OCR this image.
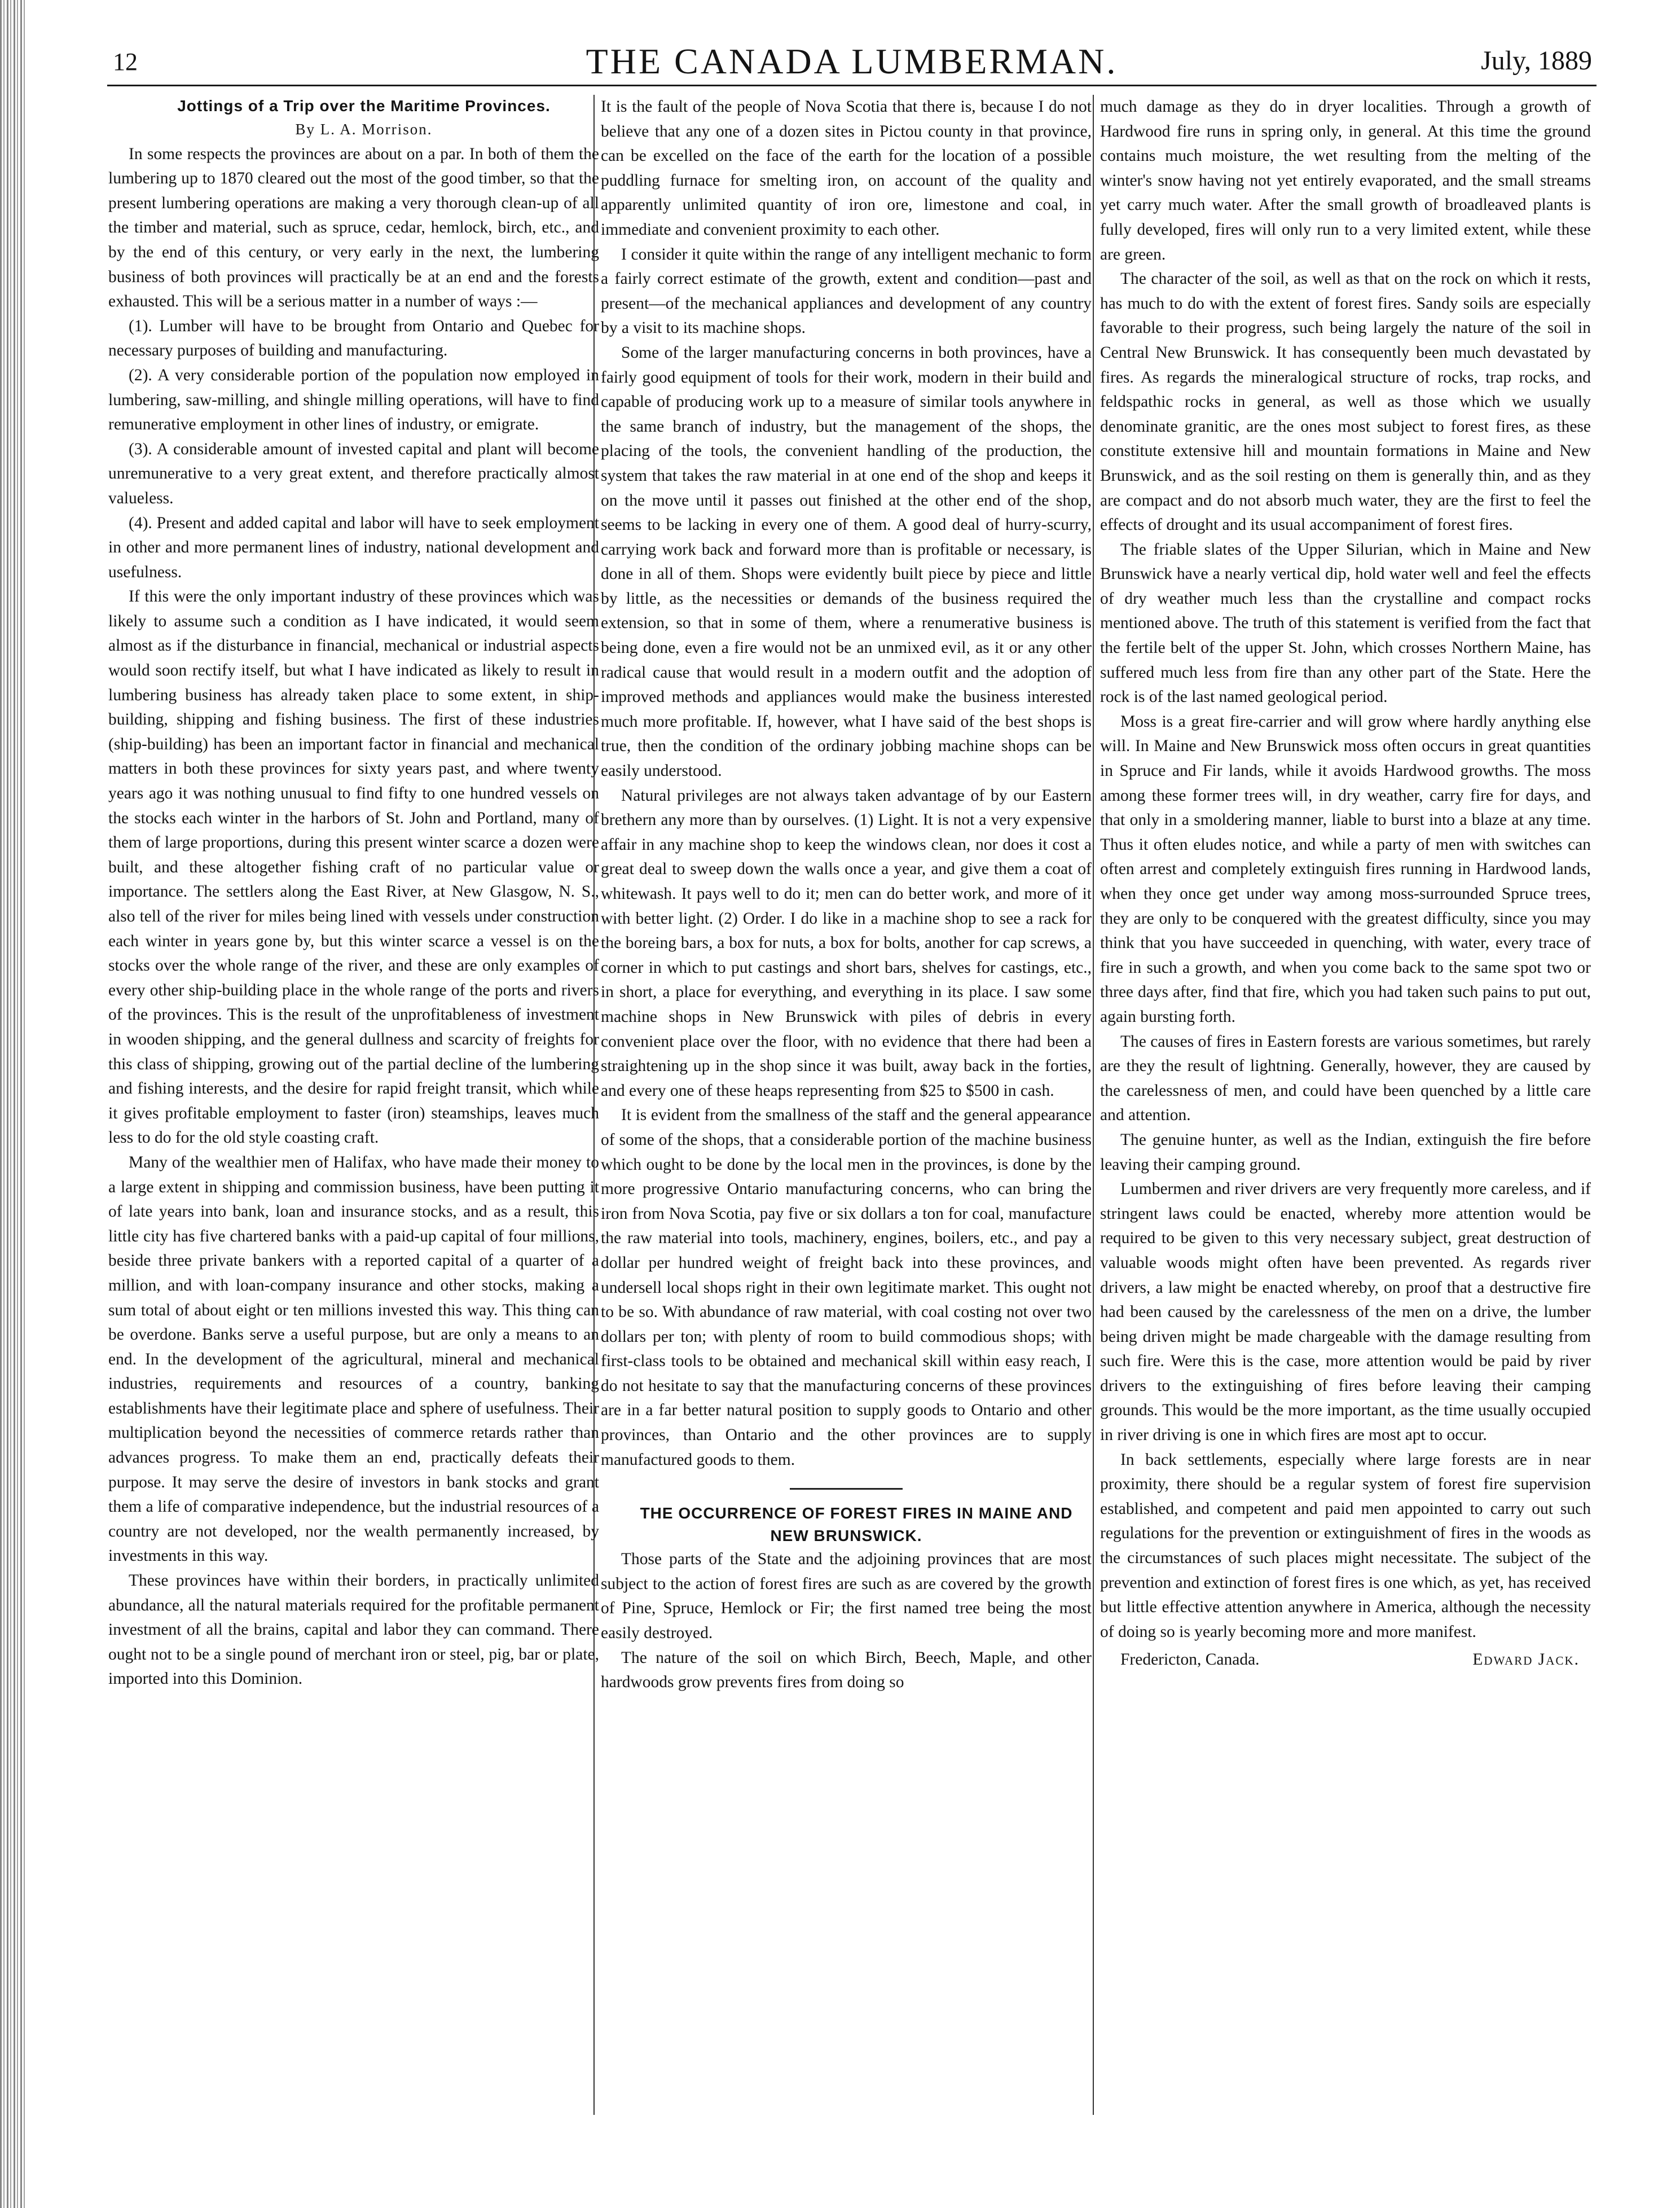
12	THE CANADA LUMBERMAN.	July, 1889

Jottings of a Trip over the Maritime Provinces.

By L. A. Morrison.

In some respects the provinces are about on a par. In both of them the lumbering up to 1870 cleared out the most of the good timber, so that the present lumbering operations are making a very thorough clean-up of all the timber and material, such as spruce, cedar, hemlock, birch, etc., and by the end of this century, or very early in the next, the lumbering business of both provinces will practically be at an end and the forests exhausted. This will be a serious matter in a number of ways :—

(1). Lumber will have to be brought from Ontario and Quebec for necessary purposes of building and manufacturing.

(2). A very considerable portion of the population now employed in lumbering, saw-milling, and shingle milling operations, will have to find remunerative employment in other lines of industry, or emigrate.

(3). A considerable amount of invested capital and plant will become unremunerative to a very great extent, and therefore practically almost valueless.

(4). Present and added capital and labor will have to seek employment in other and more permanent lines of industry, national development and usefulness.

If this were the only important industry of these provinces which was likely to assume such a condition as I have indicated, it would seem almost as if the disturbance in financial, mechanical or industrial aspects would soon rectify itself, but what I have indicated as likely to result in lumbering business has already taken place to some extent, in ship-building, shipping and fishing business. The first of these industries (ship-building) has been an important factor in financial and mechanical matters in both these provinces for sixty years past, and where twenty years ago it was nothing unusual to find fifty to one hundred vessels on the stocks each winter in the harbors of St. John and Portland, many of them of large proportions, during this present winter scarce a dozen were built, and these altogether fishing craft of no particular value or importance. The settlers along the East River, at New Glasgow, N. S., also tell of the river for miles being lined with vessels under construction each winter in years gone by, but this winter scarce a vessel is on the stocks over the whole range of the river, and these are only examples of every other ship-building place in the whole range of the ports and rivers of the provinces. This is the result of the unprofitableness of investment in wooden shipping, and the general dullness and scarcity of freights for this class of shipping, growing out of the partial decline of the lumbering and fishing interests, and the desire for rapid freight transit, which while it gives profitable employment to faster (iron) steamships, leaves much less to do for the old style coasting craft.

Many of the wealthier men of Halifax, who have made their money to a large extent in shipping and commission business, have been putting it of late years into bank, loan and insurance stocks, and as a result, this little city has five chartered banks with a paid-up capital of four millions, beside three private bankers with a reported capital of a quarter of a million, and with loan-company insurance and other stocks, making a sum total of about eight or ten millions invested this way. This thing can be overdone. Banks serve a useful purpose, but are only a means to an end. In the development of the agricultural, mineral and mechanical industries, requirements and resources of a country, banking establishments have their legitimate place and sphere of usefulness. Their multiplication beyond the necessities of commerce retards rather than advances progress. To make them an end, practically defeats their purpose. It may serve the desire of investors in bank stocks and grant them a life of comparative independence, but the industrial resources of a country are not developed, nor the wealth permanently increased, by investments in this way.

These provinces have within their borders, in practically unlimited abundance, all the natural materials required for the profitable permanent investment of all the brains, capital and labor they can command. There ought not to be a single pound of merchant iron or steel, pig, bar or plate, imported into this Dominion.

It is the fault of the people of Nova Scotia that there is, because I do not believe that any one of a dozen sites in Pictou county in that province, can be excelled on the face of the earth for the location of a possible puddling furnace for smelting iron, on account of the quality and apparently unlimited quantity of iron ore, limestone and coal, in immediate and convenient proximity to each other.

I consider it quite within the range of any intelligent mechanic to form a fairly correct estimate of the growth, extent and condition—past and present—of the mechanical appliances and development of any country by a visit to its machine shops.

Some of the larger manufacturing concerns in both provinces, have a fairly good equipment of tools for their work, modern in their build and capable of producing work up to a measure of similar tools anywhere in the same branch of industry, but the management of the shops, the placing of the tools, the convenient handling of the production, the system that takes the raw material in at one end of the shop and keeps it on the move until it passes out finished at the other end of the shop, seems to be lacking in every one of them. A good deal of hurry-scurry, carrying work back and forward more than is profitable or necessary, is done in all of them. Shops were evidently built piece by piece and little by little, as the necessities or demands of the business required the extension, so that in some of them, where a renumerative business is being done, even a fire would not be an unmixed evil, as it or any other radical cause that would result in a modern outfit and the adoption of improved methods and appliances would make the business interested much more profitable. If, however, what I have said of the best shops is true, then the condition of the ordinary jobbing machine shops can be easily understood.

Natural privileges are not always taken advantage of by our Eastern brethern any more than by ourselves. (1) Light. It is not a very expensive affair in any machine shop to keep the windows clean, nor does it cost a great deal to sweep down the walls once a year, and give them a coat of whitewash. It pays well to do it; men can do better work, and more of it with better light. (2) Order. I do like in a machine shop to see a rack for the boreing bars, a box for nuts, a box for bolts, another for cap screws, a corner in which to put castings and short bars, shelves for castings, etc., in short, a place for everything, and everything in its place. I saw some machine shops in New Brunswick with piles of debris in every convenient place over the floor, with no evidence that there had been a straightening up in the shop since it was built, away back in the forties, and every one of these heaps representing from $25 to $500 in cash.

It is evident from the smallness of the staff and the general appearance of some of the shops, that a considerable portion of the machine business which ought to be done by the local men in the provinces, is done by the more progressive Ontario manufacturing concerns, who can bring the iron from Nova Scotia, pay five or six dollars a ton for coal, manufacture the raw material into tools, machinery, engines, boilers, etc., and pay a dollar per hundred weight of freight back into these provinces, and undersell local shops right in their own legitimate market. This ought not to be so. With abundance of raw material, with coal costing not over two dollars per ton; with plenty of room to build commodious shops; with first-class tools to be obtained and mechanical skill within easy reach, I do not hesitate to say that the manufacturing concerns of these provinces are in a far better natural position to supply goods to Ontario and other provinces, than Ontario and the other provinces are to supply manufactured goods to them.

THE OCCURRENCE OF FOREST FIRES IN MAINE AND NEW BRUNSWICK.

Those parts of the State and the adjoining provinces that are most subject to the action of forest fires are such as are covered by the growth of Pine, Spruce, Hemlock or Fir; the first named tree being the most easily destroyed.

The nature of the soil on which Birch, Beech, Maple, and other hardwoods grow prevents fires from doing so

much damage as they do in dryer localities. Through a growth of Hardwood fire runs in spring only, in general. At this time the ground contains much moisture, the wet resulting from the melting of the winter's snow having not yet entirely evaporated, and the small streams yet carry much water. After the small growth of broadleaved plants is fully developed, fires will only run to a very limited extent, while these are green.

The character of the soil, as well as that on the rock on which it rests, has much to do with the extent of forest fires. Sandy soils are especially favorable to their progress, such being largely the nature of the soil in Central New Brunswick. It has consequently been much devastated by fires. As regards the mineralogical structure of rocks, trap rocks, and feldspathic rocks in general, as well as those which we usually denominate granitic, are the ones most subject to forest fires, as these constitute extensive hill and mountain formations in Maine and New Brunswick, and as the soil resting on them is generally thin, and as they are compact and do not absorb much water, they are the first to feel the effects of drought and its usual accompaniment of forest fires.

The friable slates of the Upper Silurian, which in Maine and New Brunswick have a nearly vertical dip, hold water well and feel the effects of dry weather much less than the crystalline and compact rocks mentioned above. The truth of this statement is verified from the fact that the fertile belt of the upper St. John, which crosses Northern Maine, has suffered much less from fire than any other part of the State. Here the rock is of the last named geological period.

Moss is a great fire-carrier and will grow where hardly anything else will. In Maine and New Brunswick moss often occurs in great quantities in Spruce and Fir lands, while it avoids Hardwood growths. The moss among these former trees will, in dry weather, carry fire for days, and that only in a smoldering manner, liable to burst into a blaze at any time. Thus it often eludes notice, and while a party of men with switches can often arrest and completely extinguish fires running in Hardwood lands, when they once get under way among moss-surrounded Spruce trees, they are only to be conquered with the greatest difficulty, since you may think that you have succeeded in quenching, with water, every trace of fire in such a growth, and when you come back to the same spot two or three days after, find that fire, which you had taken such pains to put out, again bursting forth.

The causes of fires in Eastern forests are various sometimes, but rarely are they the result of lightning. Generally, however, they are caused by the carelessness of men, and could have been quenched by a little care and attention.

The genuine hunter, as well as the Indian, extinguish the fire before leaving their camping ground.

Lumbermen and river drivers are very frequently more careless, and if stringent laws could be enacted, whereby more attention would be required to be given to this very necessary subject, great destruction of valuable woods might often have been prevented. As regards river drivers, a law might be enacted whereby, on proof that a destructive fire had been caused by the carelessness of the men on a drive, the lumber being driven might be made chargeable with the damage resulting from such fire. Were this is the case, more attention would be paid by river drivers to the extinguishing of fires before leaving their camping grounds. This would be the more important, as the time usually occupied in river driving is one in which fires are most apt to occur.

In back settlements, especially where large forests are in near proximity, there should be a regular system of forest fire supervision established, and competent and paid men appointed to carry out such regulations for the prevention or extinguishment of fires in the woods as the circumstances of such places might necessitate. The subject of the prevention and extinction of forest fires is one which, as yet, has received but little effective attention anywhere in America, although the necessity of doing so is yearly becoming more and more manifest.

Fredericton, Canada.	Edward Jack.
